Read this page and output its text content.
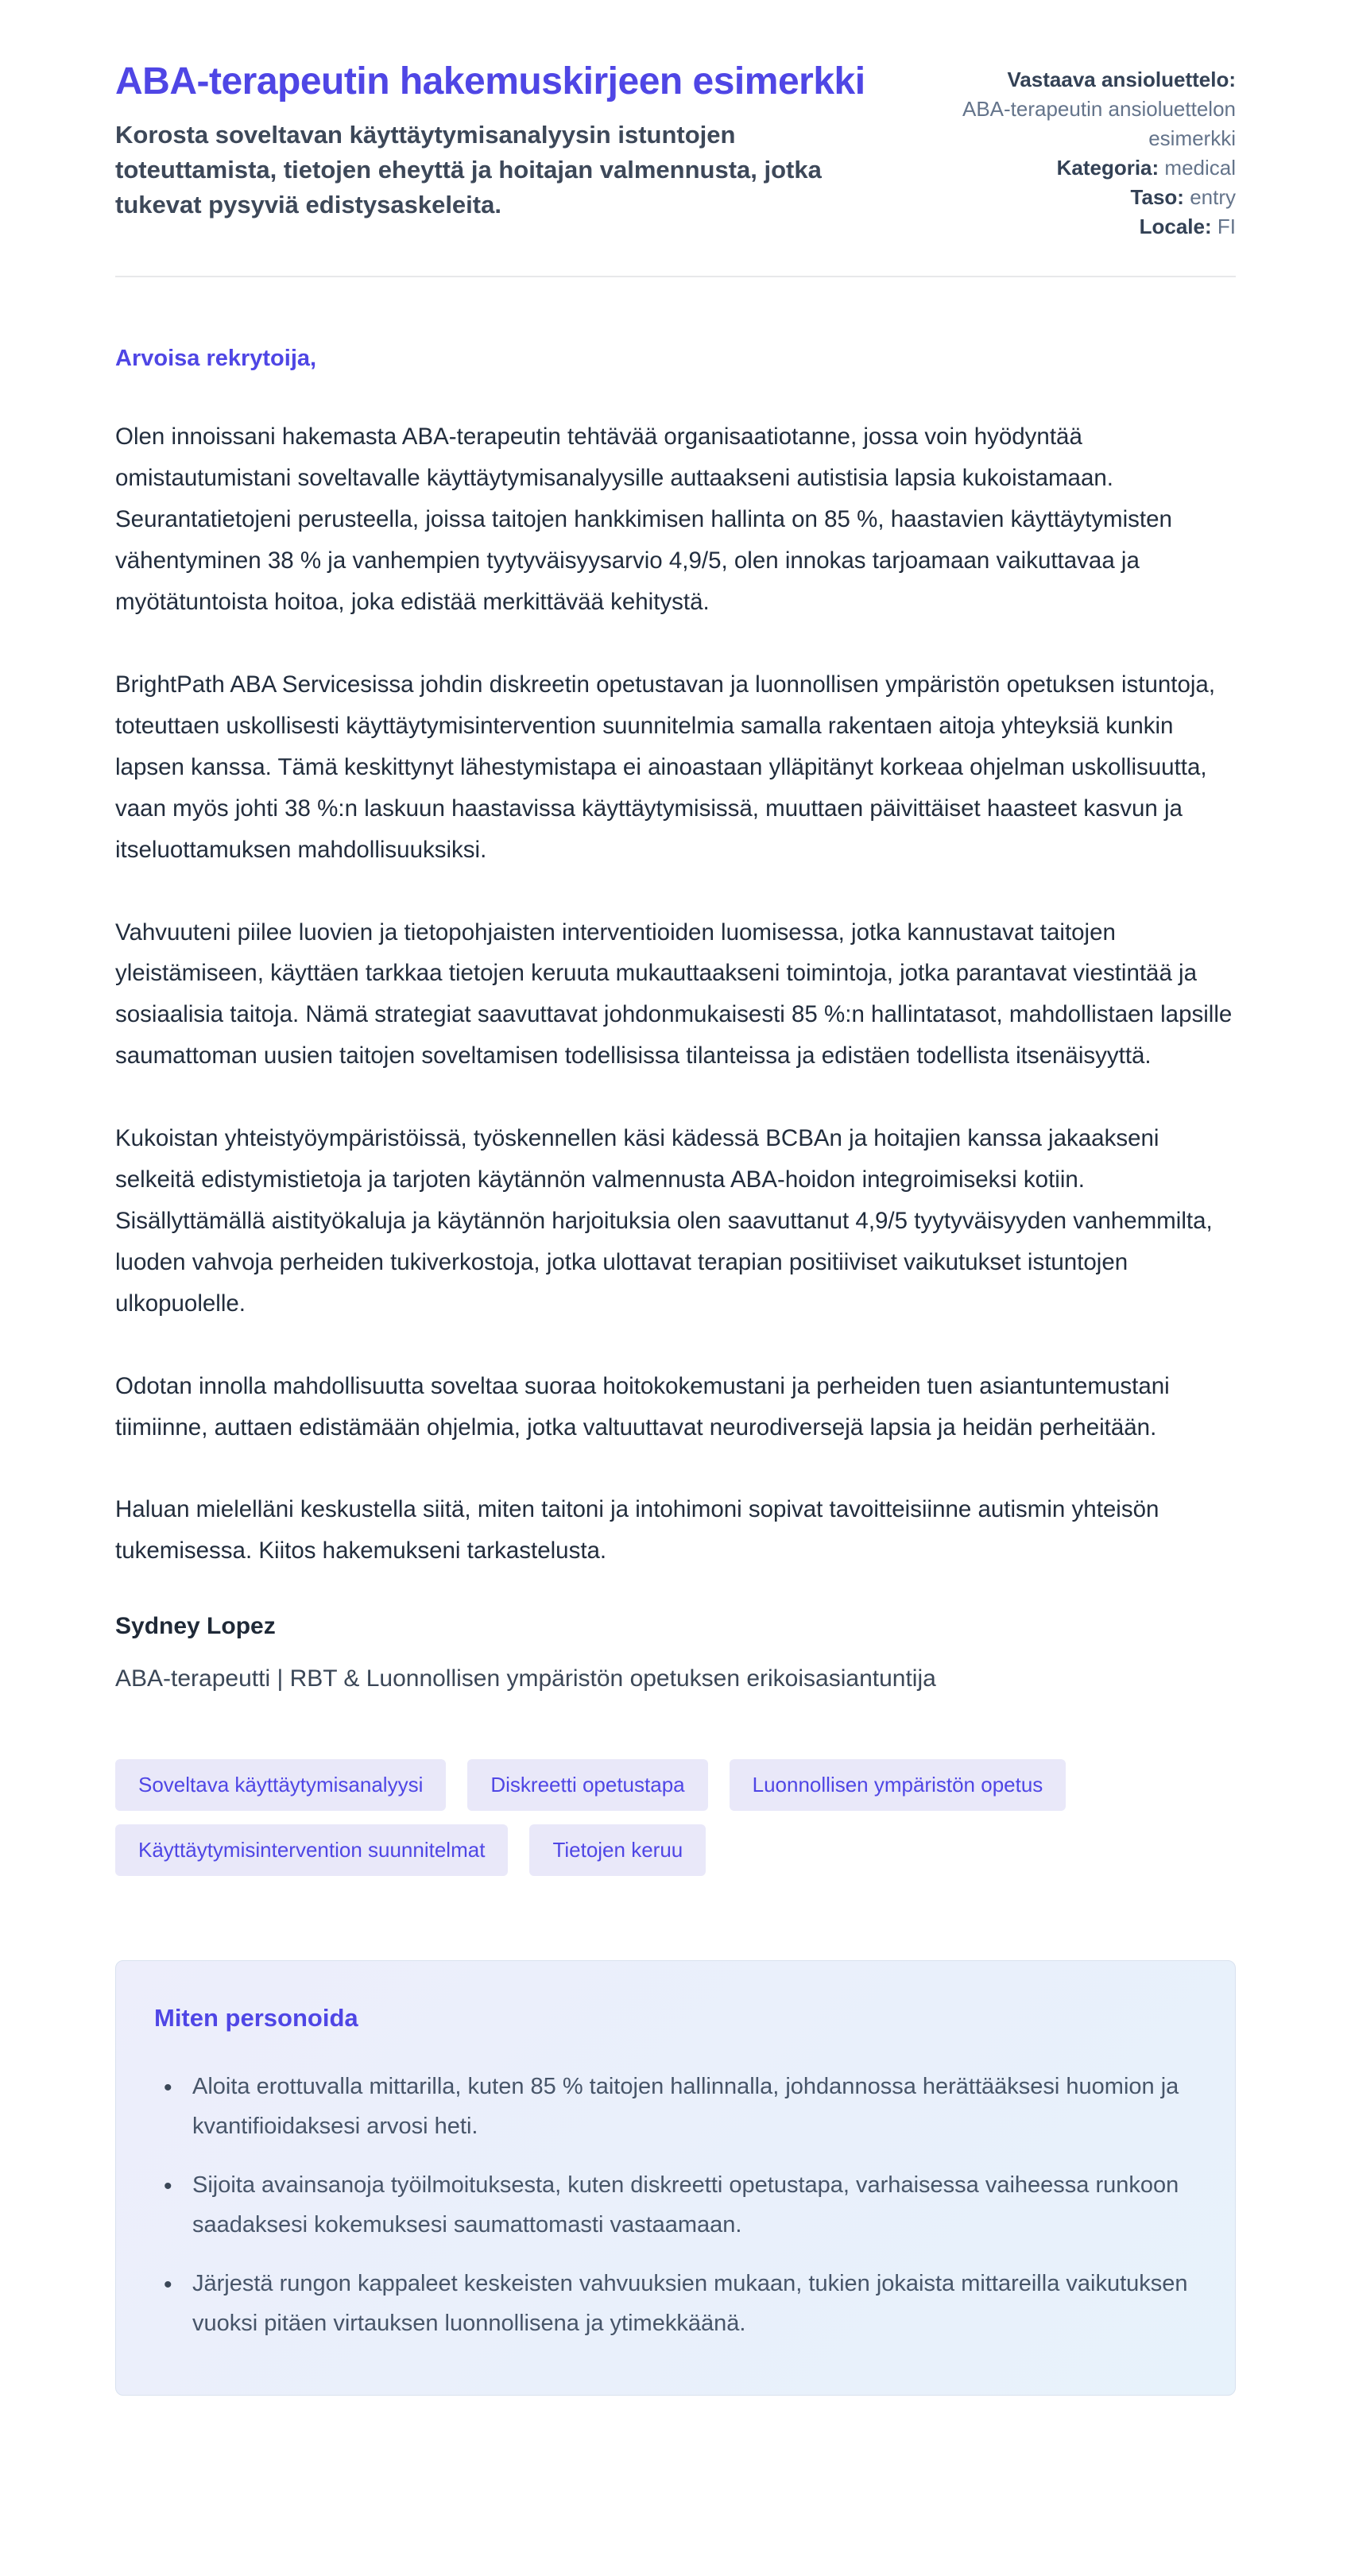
ABA-terapeutin hakemuskirjeen esimerkki

Korosta soveltavan käyttäytymisanalyysin istuntojen toteuttamista, tietojen eheyttä ja hoitajan valmennusta, jotka tukevat pysyviä edistysaskeleita.

Vastaava ansioluettelo:
ABA-terapeutin ansioluettelon esimerkki
Kategoria: medical
Taso: entry
Locale: FI

Arvoisa rekrytoija,

Olen innoissani hakemasta ABA-terapeutin tehtävää organisaatiotanne, jossa voin hyödyntää omistautumistani soveltavalle käyttäytymisanalyysille auttaakseni autistisia lapsia kukoistamaan. Seurantatietojeni perusteella, joissa taitojen hankkimisen hallinta on 85 %, haastavien käyttäytymisten vähentyminen 38 % ja vanhempien tyytyväisyysarvio 4,9/5, olen innokas tarjoamaan vaikuttavaa ja myötätuntoista hoitoa, joka edistää merkittävää kehitystä.

BrightPath ABA Servicesissa johdin diskreetin opetustavan ja luonnollisen ympäristön opetuksen istuntoja, toteuttaen uskollisesti käyttäytymisintervention suunnitelmia samalla rakentaen aitoja yhteyksiä kunkin lapsen kanssa. Tämä keskittynyt lähestymistapa ei ainoastaan ylläpitänyt korkeaa ohjelman uskollisuutta, vaan myös johti 38 %:n laskuun haastavissa käyttäytymisissä, muuttaen päivittäiset haasteet kasvun ja itseluottamuksen mahdollisuuksiksi.

Vahvuuteni piilee luovien ja tietopohjaisten interventioiden luomisessa, jotka kannustavat taitojen yleistämiseen, käyttäen tarkkaa tietojen keruuta mukauttaakseni toimintoja, jotka parantavat viestintää ja sosiaalisia taitoja. Nämä strategiat saavuttavat johdonmukaisesti 85 %:n hallintatasot, mahdollistaen lapsille saumattoman uusien taitojen soveltamisen todellisissa tilanteissa ja edistäen todellista itsenäisyyttä.

Kukoistan yhteistyöympäristöissä, työskennellen käsi kädessä BCBAn ja hoitajien kanssa jakaakseni selkeitä edistymistietoja ja tarjoten käytännön valmennusta ABA-hoidon integroimiseksi kotiin. Sisällyttämällä aistityökaluja ja käytännön harjoituksia olen saavuttanut 4,9/5 tyytyväisyyden vanhemmilta, luoden vahvoja perheiden tukiverkostoja, jotka ulottavat terapian positiiviset vaikutukset istuntojen ulkopuolelle.

Odotan innolla mahdollisuutta soveltaa suoraa hoitokokemustani ja perheiden tuen asiantuntemustani tiimiinne, auttaen edistämään ohjelmia, jotka valtuuttavat neurodiversejä lapsia ja heidän perheitään.

Haluan mielelläni keskustella siitä, miten taitoni ja intohimoni sopivat tavoitteisiinne autismin yhteisön tukemisessa. Kiitos hakemukseni tarkastelusta.

Sydney Lopez

ABA-terapeutti | RBT & Luonnollisen ympäristön opetuksen erikoisasiantuntija

Soveltava käyttäytymisanalyysi	Diskreetti opetustapa	Luonnollisen ympäristön opetus
Käyttäytymisintervention suunnitelmat	Tietojen keruu
Miten personoida
• Aloita erottuvalla mittarilla, kuten 85 % taitojen hallinnalla, johdannossa herättääksesi huomion ja kvantifioidaksesi arvosi heti.
• Sijoita avainsanoja työilmoituksesta, kuten diskreetti opetustapa, varhaisessa vaiheessa runkoon saadaksesi kokemuksesi saumattomasti vastaamaan.
• Järjestä rungon kappaleet keskeisten vahvuuksien mukaan, tukien jokaista mittareilla vaikutuksen vuoksi pitäen virtauksen luonnollisena ja ytimekkäänä.
